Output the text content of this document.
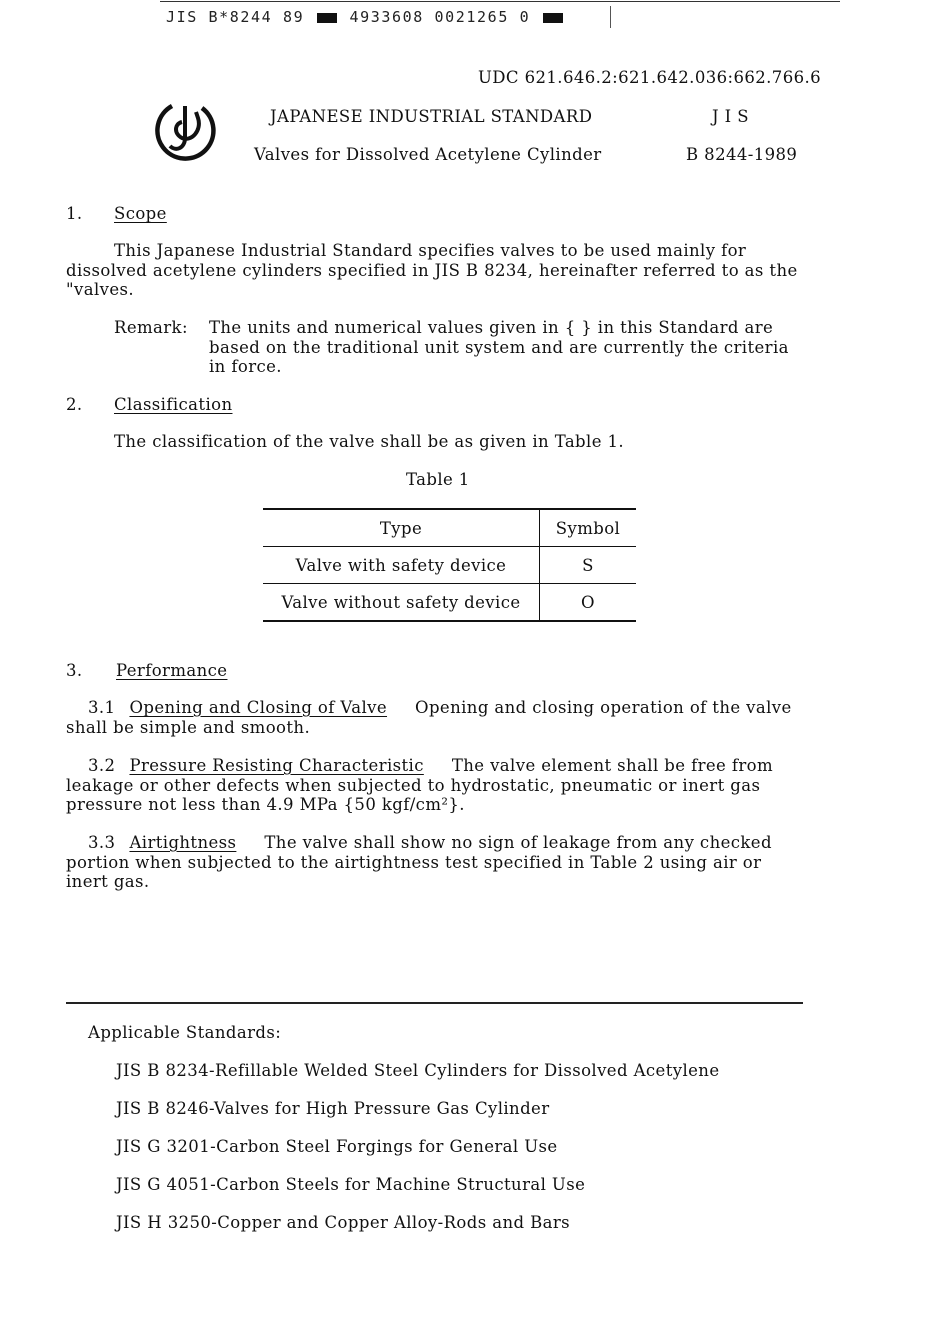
JIS B*8244 89	4933608 0021265 0
UDC 621.646.2:621.642.036:662.766.6
JAPANESE INDUSTRIAL STANDARD	J I S
Valves for Dissolved Acetylene Cylinder	B 8244-1989
1. Scope
This Japanese Industrial Standard specifies valves to be used mainly for
dissolved acetylene cylinders specified in JIS B 8234, hereinafter referred to as the
"valves.
Remark: The units and numerical values given in { } in this Standard are
based on the traditional unit system and are currently the criteria
in force.
2. Classification
The classification of the valve shall be as given in Table 1.
Table 1
Type	Symbol
Valve with safety device	S
Valve without safety device	O
3. Performance
3.1 Opening and Closing of Valve Opening and closing operation of the valve
shall be simple and smooth.
3.2 Pressure Resisting Characteristic The valve element shall be free from
leakage or other defects when subjected to hydrostatic, pneumatic or inert gas
pressure not less than 4.9 MPa {50 kgf/cm²}.
3.3 Airtightness The valve shall show no sign of leakage from any checked
portion when subjected to the airtightness test specified in Table 2 using air or
inert gas.
Applicable Standards:
JIS B 8234-Refillable Welded Steel Cylinders for Dissolved Acetylene
JIS B 8246-Valves for High Pressure Gas Cylinder
JIS G 3201-Carbon Steel Forgings for General Use
JIS G 4051-Carbon Steels for Machine Structural Use
JIS H 3250-Copper and Copper Alloy-Rods and Bars
